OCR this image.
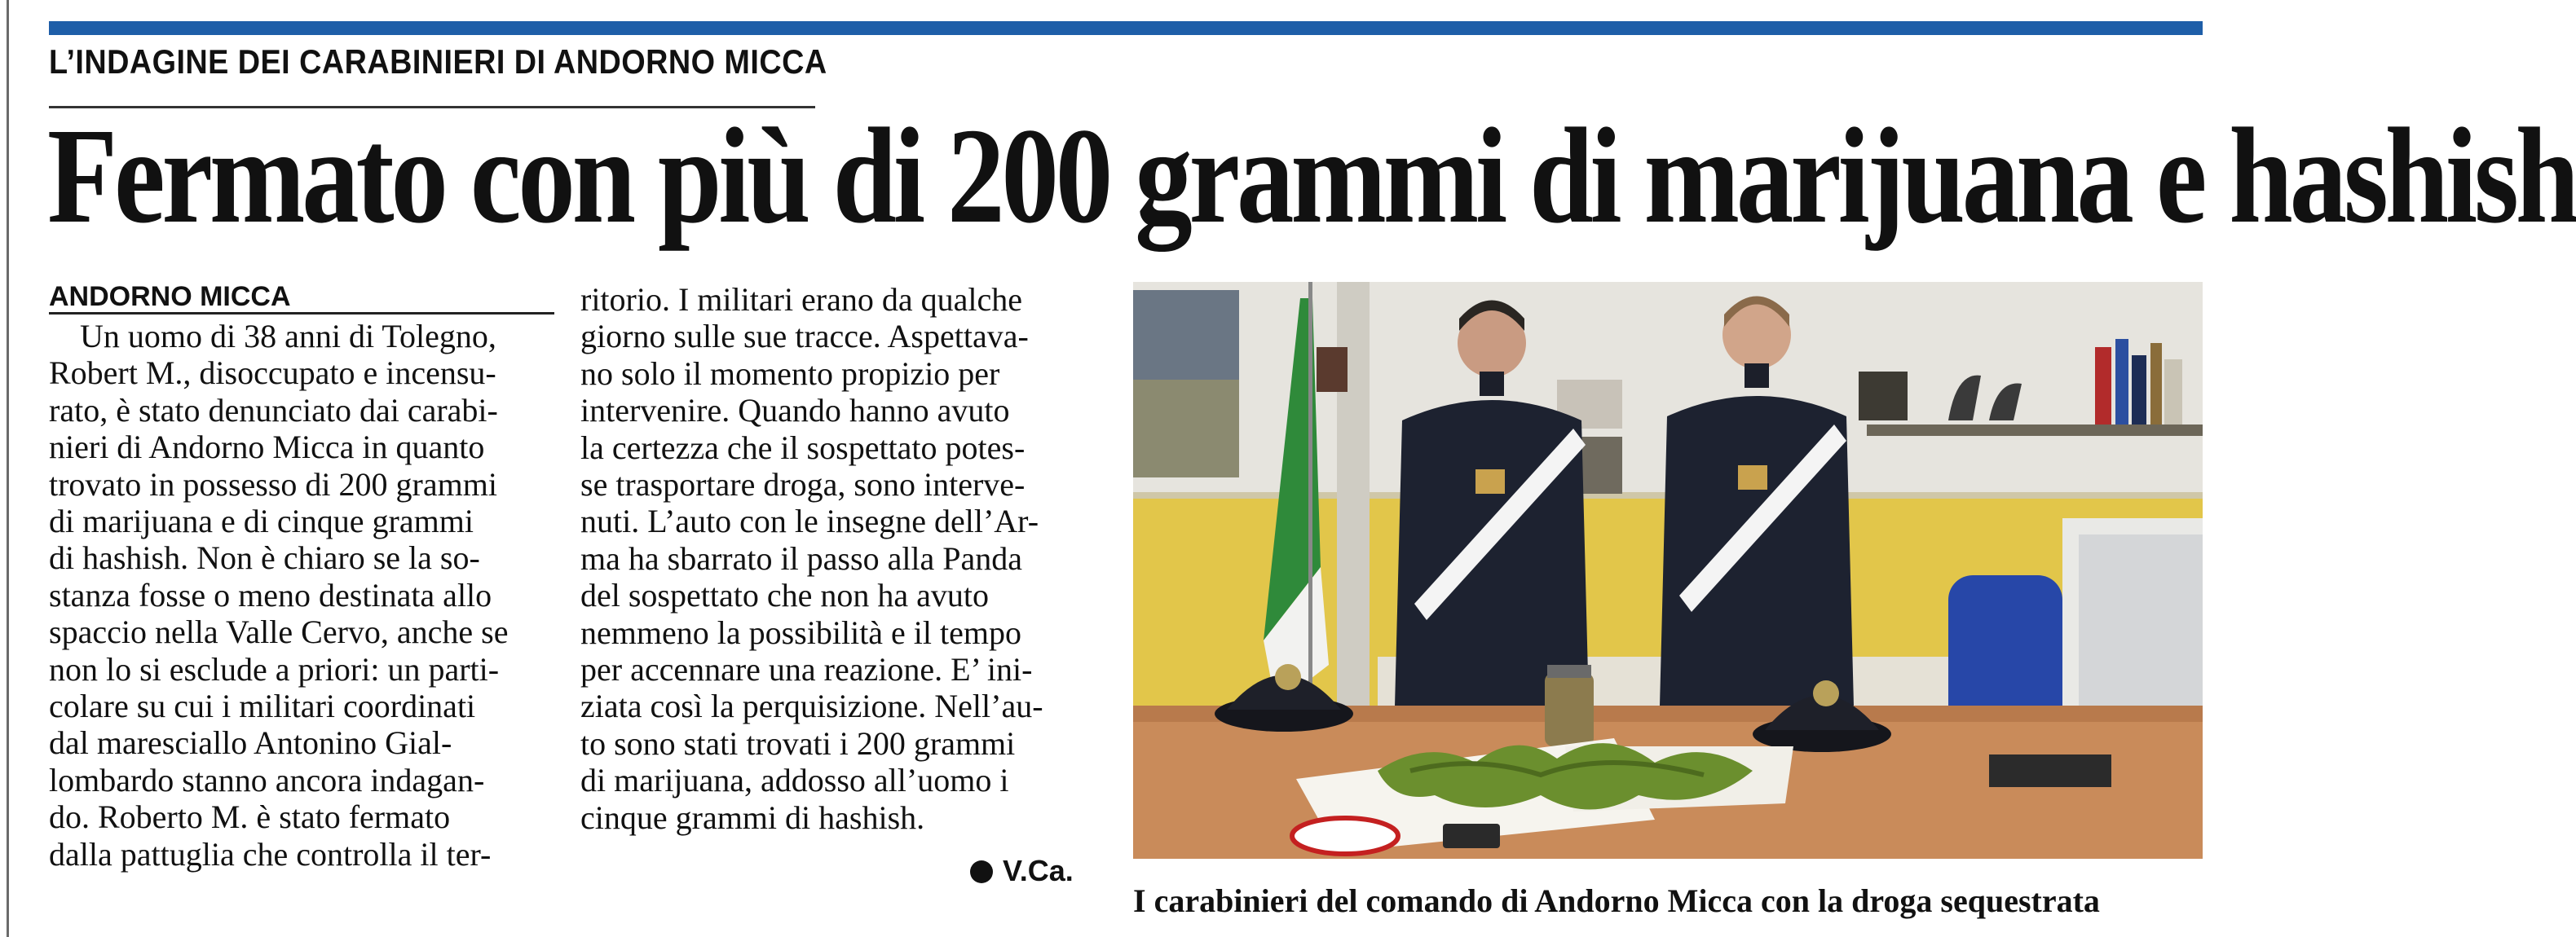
L’INDAGINE DEI CARABINIERI DI ANDORNO MICCA
Fermato con più di 200 grammi di marijuana e hashish
ANDORNO MICCA

Un uomo di 38 anni di Tolegno,
Robert M., disoccupato e incensu-
rato, è stato denunciato dai carabi-
nieri di Andorno Micca in quanto
trovato in possesso di 200 grammi
di marijuana e di cinque grammi
di hashish. Non è chiaro se la so-
stanza fosse o meno destinata allo
spaccio nella Valle Cervo, anche se
non lo si esclude a priori: un parti-
colare su cui i militari coordinati
dal maresciallo Antonino Gial-
lombardo stanno ancora indagan-
do. Roberto M. è stato fermato
dalla pattuglia che controlla il ter-

ritorio. I militari erano da qualche
giorno sulle sue tracce. Aspettava-
no solo il momento propizio per
intervenire. Quando hanno avuto
la certezza che il sospettato potes-
se trasportare droga, sono interve-
nuti. L’auto con le insegne dell’Ar-
ma ha sbarrato il passo alla Panda
del sospettato che non ha avuto
nemmeno la possibilità e il tempo
per accennare una reazione. E’ ini-
ziata così la perquisizione. Nell’au-
to sono stati trovati i 200 grammi
di marijuana, addosso all’uomo i
cinque grammi di hashish.

V.Ca.
I carabinieri del comando di Andorno Micca con la droga sequestrata
